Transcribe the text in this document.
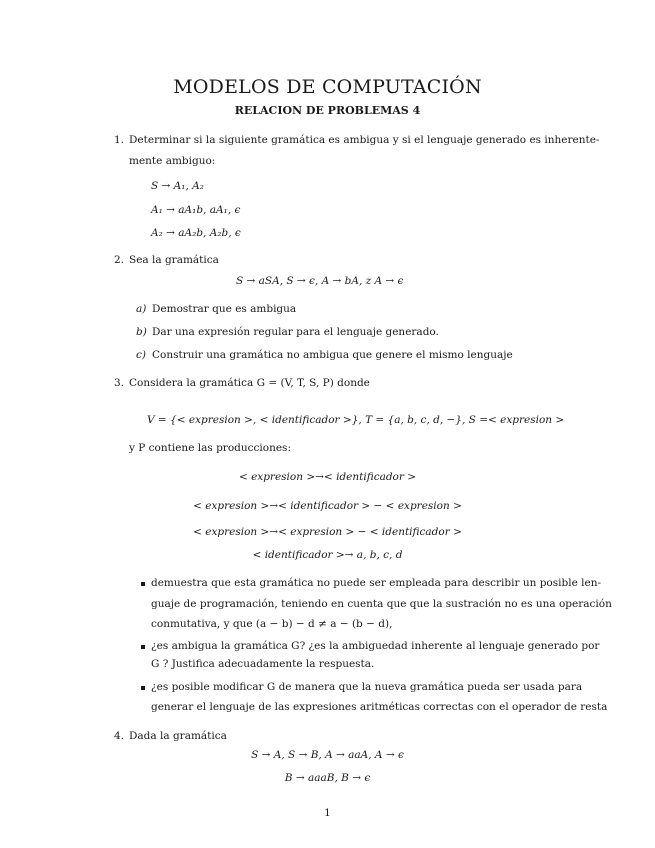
MODELOS DE COMPUTACIÓN
RELACION DE PROBLEMAS 4
1. Determinar si la siguiente gramática es ambigua y si el lenguaje generado es inherente-
mente ambiguo:
S → A₁, A₂
A₁ → aA₁b, aA₁, ϵ
A₂ → aA₂b, A₂b, ϵ
2. Sea la gramática
S → aSA, S → ϵ, A → bA, z A → ϵ
a) Demostrar que es ambigua
b) Dar una expresión regular para el lenguaje generado.
c) Construir una gramática no ambigua que genere el mismo lenguaje
3. Considera la gramática G = (V, T, S, P) donde
V = {< expresion >, < identificador >}, T = {a, b, c, d, −}, S =< expresion >
y P contiene las producciones:
< expresion >→< identificador >
< expresion >→< identificador > − < expresion >
< expresion >→< expresion > − < identificador >
< identificador >→ a, b, c, d
demuestra que esta gramática no puede ser empleada para describir un posible len-
guaje de programación, teniendo en cuenta que que la sustración no es una operación
conmutativa, y que (a − b) − d ≠ a − (b − d),
¿es ambigua la gramática G? ¿es la ambiguedad inherente al lenguaje generado por
G ? Justifica adecuadamente la respuesta.
¿es posible modificar G de manera que la nueva gramática pueda ser usada para
generar el lenguaje de las expresiones aritméticas correctas con el operador de resta
4. Dada la gramática
S → A, S → B, A → aaA, A → ϵ
B → aaaB, B → ϵ
1
